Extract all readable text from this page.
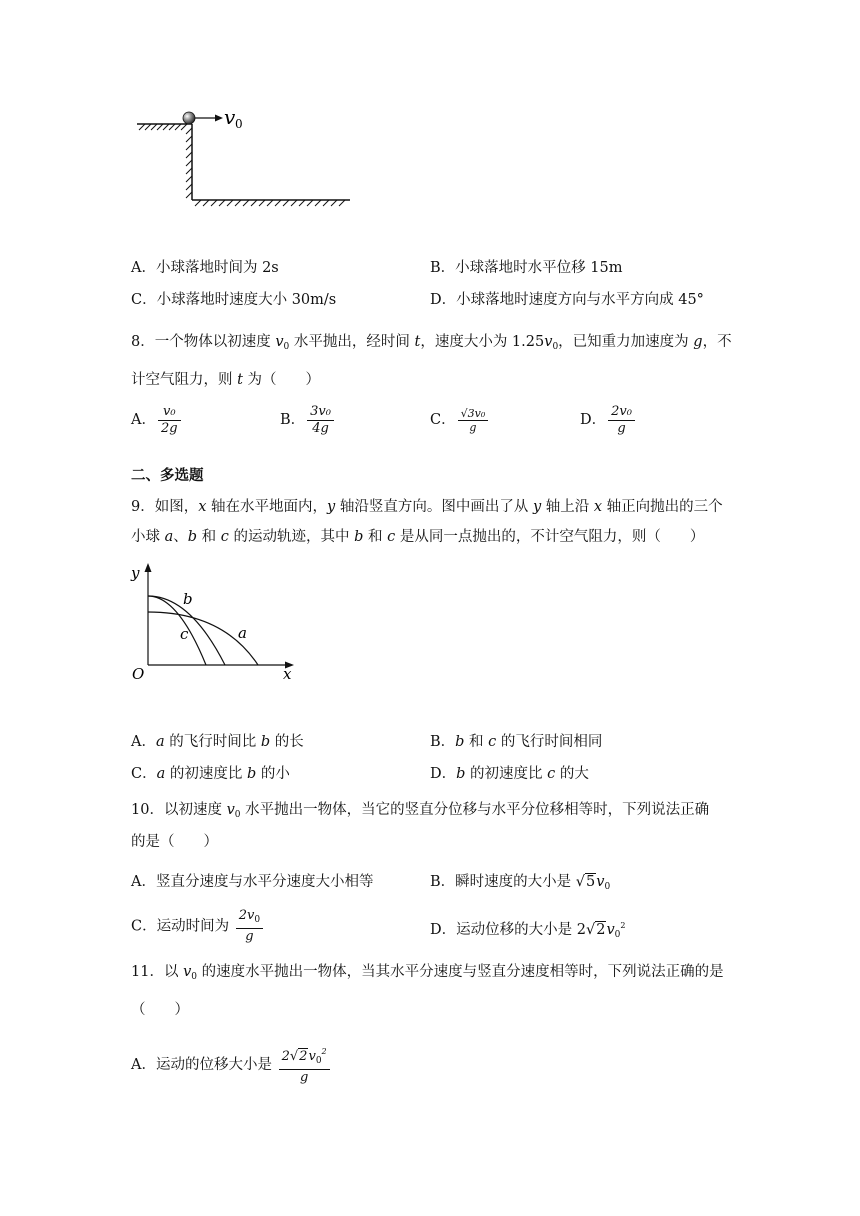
v 0
A．小球落地时间为 2s	B．小球落地时水平位移 15m
C．小球落地时速度大小 30m/s	D．小球落地时速度方向与水平方向成 45°
8．一个物体以初速度 $v_0$ 水平抛出，经时间 t，速度大小为 $1.25v_0$，已知重力加速度为 g，不
计空气阻力，则 t 为（　　）
A． $\frac{\text{v₀}}{2g}$	B． $\frac{\text{3v₀}}{4g}$	C． $\frac{\text{√3v₀}}{g}$	D． $\frac{\text{2v₀}}{g}$
二、多选题
9．如图，x 轴在水平地面内，y 轴沿竖直方向。图中画出了从 y 轴上沿 x 轴正向抛出的三个
小球 a、b 和 c 的运动轨迹，其中 b 和 c 是从同一点抛出的，不计空气阻力，则（　　）
y
x
O
b
c	a
A．a 的飞行时间比 b 的长	B．b 和 c 的飞行时间相同
C．a 的初速度比 b 的小	D．b 的初速度比 c 的大
10．以初速度 $v_0$ 水平抛出一物体，当它的竖直分位移与水平分位移相等时，下列说法正确
的是（　　）
A．竖直分速度与水平分速度大小相等	B．瞬时速度的大小是 $√5v_0$
C．运动时间为 $\frac{2v_0}{g}$	D．运动位移的大小是 $2√2v_0^2$
11．以 $v_0$ 的速度水平抛出一物体，当其水平分速度与竖直分速度相等时，下列说法正确的是
（　　）
A．运动的位移大小是 $\frac{2√2v_0^2}{g}$
